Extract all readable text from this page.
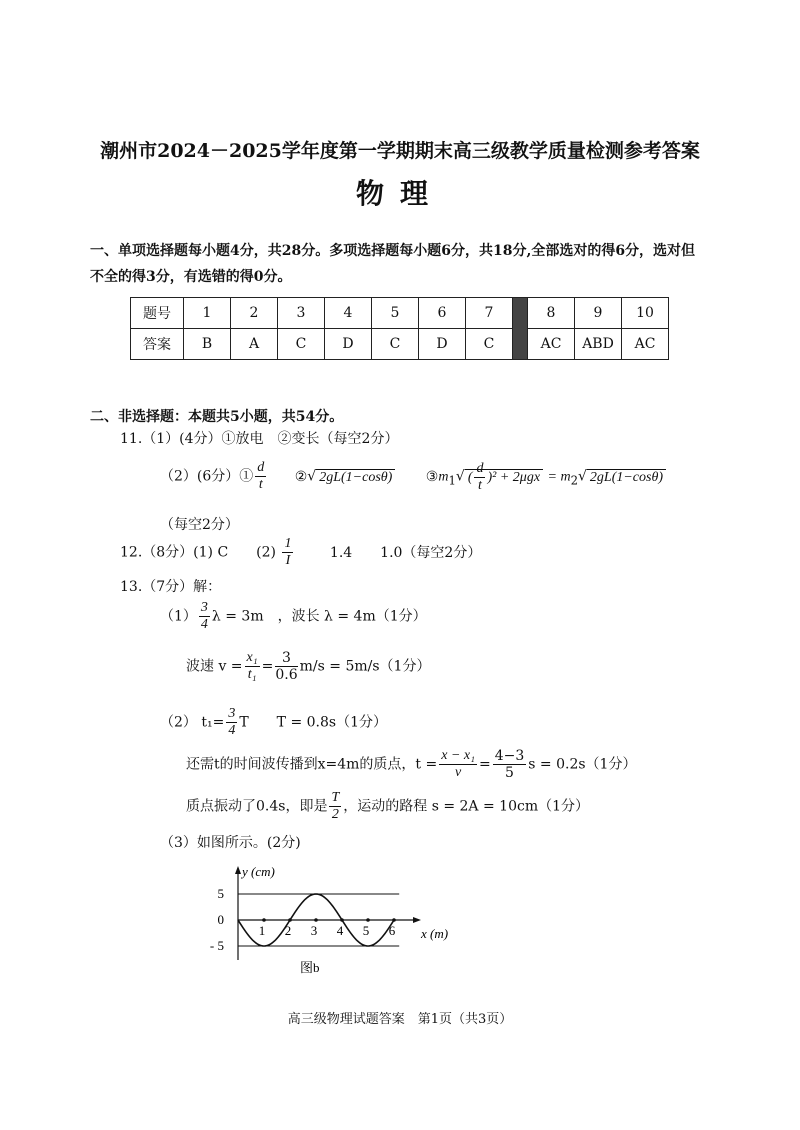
潮州市2024－2025学年度第一学期期末高三级教学质量检测参考答案
物理
一、单项选择题每小题4分，共28分。多项选择题每小题6分，共18分,全部选对的得6分，选对但不全的得3分，有选错的得0分。
题号	1	2	3	4	5	6	7		8	9	10
答案	B	A	C	D	C	D	C		AC	ABD	AC
二、非选择题：本题共5小题，共54分。
11.（1）(4分）①放电　②变长（每空2分）
（2）(6分）① $\frac{d}{t}$ ②√ 2gL(1−cosθ) $③m_1√$ ( $\frac{d}{t} )^2 + 2\mu gx = m_2√$ 2gL(1−cosθ)
（每空2分）
12.（8分）(1) C　　$(2) \frac{1}{I}$	1.4　　1.0（每空2分）
13.（7分）解：
$(1) \frac{3}{4}$ λ = 3m　，波长 λ = 4m（1分）
波速 $v = \frac{\text{x₁}}{\text{t₁}} = \frac{3}{0.6} m/s = 5m/s(1$分）
（2） $t_1= \frac{3}{4}$ T　　T = 0.8s（1分）
还需t的时间波传播到x=4m的质点，$t = \frac{\text{x − x₁}}{v} = \frac{4-3}{5}$ s = 0.2s（1分）
质点振动了0.4s，即是 $\frac{T}{2}$ ，运动的路程 s = 2A = 10cm（1分）
（3）如图所示。(2分)
5
0
- 5
1 2 3 4 5 6
y (cm)
x (m)
图b
高三级物理试题答案　第1页（共3页）
